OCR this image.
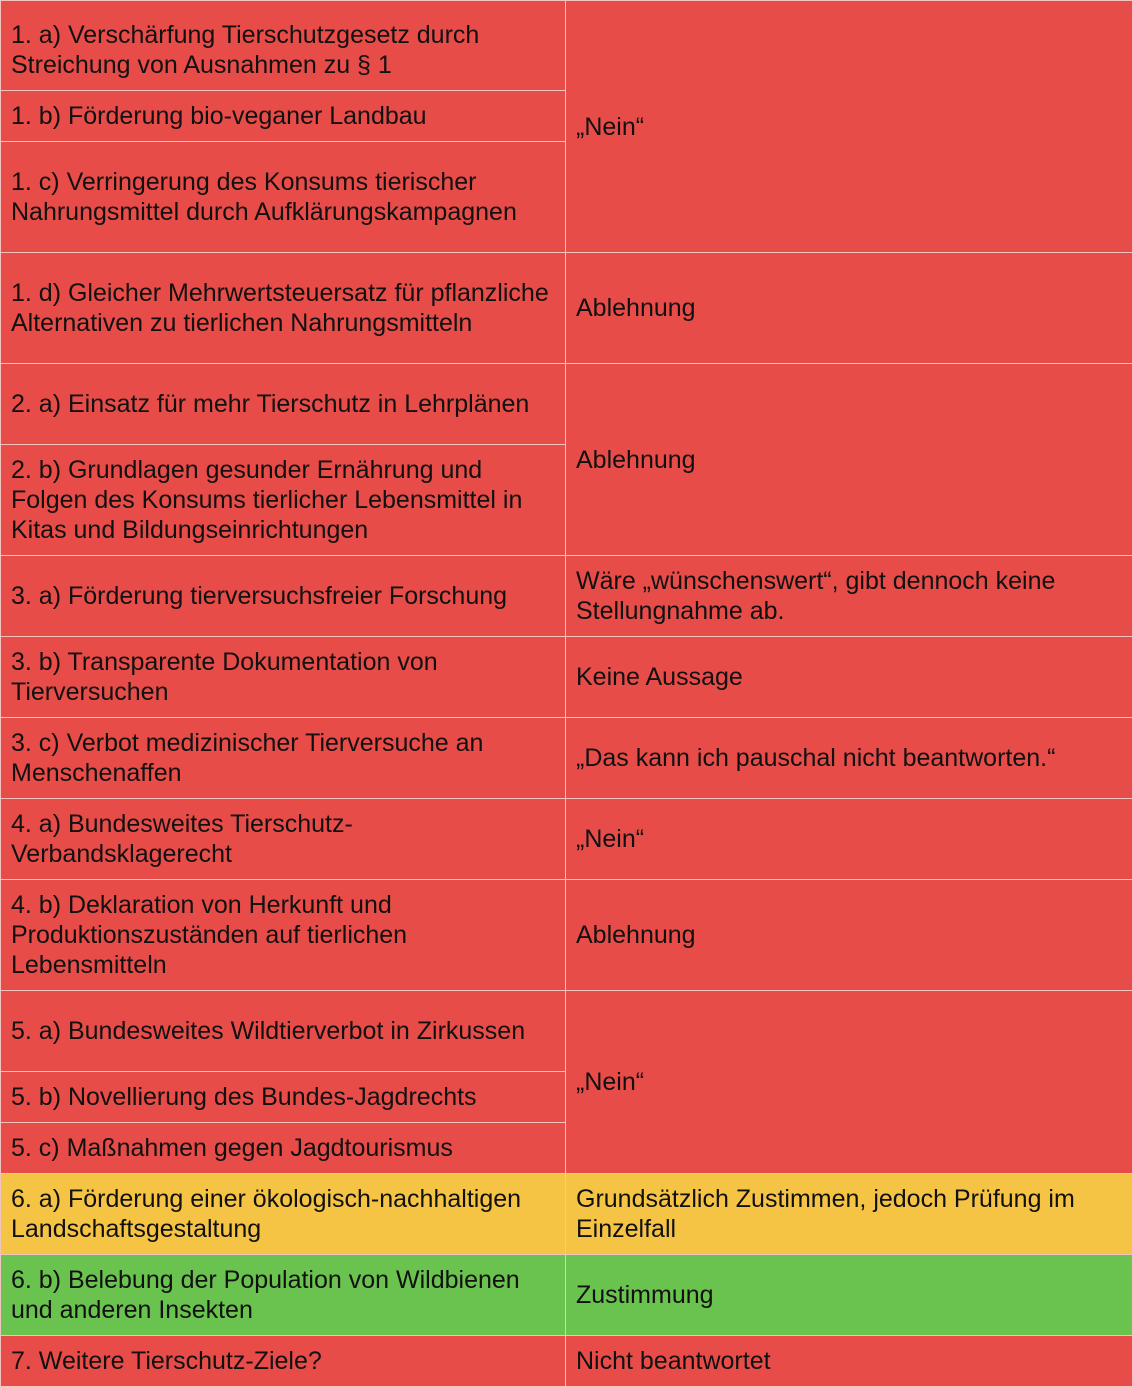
1. a) Verschärfung Tierschutzgesetz durch Streichung von Ausnahmen zu § 1	„Nein“
1. b) Förderung bio-veganer Landbau	
1. c) Verringerung des Konsums tierischer Nahrungsmittel durch Aufklärungskampagnen	
1. d) Gleicher Mehrwertsteuersatz für pflanzliche Alternativen zu tierlichen Nahrungsmitteln	Ablehnung
2. a) Einsatz für mehr Tierschutz in Lehrplänen	Ablehnung
2. b) Grundlagen gesunder Ernährung und Folgen des Konsums tierlicher Lebensmittel in Kitas und Bildungseinrichtungen	
3. a) Förderung tierversuchsfreier Forschung	Wäre „wünschenswert“, gibt dennoch keine Stellungnahme ab.
3. b) Transparente Dokumentation von Tierversuchen	Keine Aussage
3. c) Verbot medizinischer Tierversuche an Menschenaffen	„Das kann ich pauschal nicht beantworten.“
4. a) Bundesweites Tierschutz-Verbandsklagerecht	„Nein“
4. b) Deklaration von Herkunft und Produktionszuständen auf tierlichen Lebensmitteln	Ablehnung
5. a) Bundesweites Wildtierverbot in Zirkussen	„Nein“
5. b) Novellierung des Bundes-Jagdrechts	
5. c) Maßnahmen gegen Jagdtourismus	
6. a) Förderung einer ökologisch-nachhaltigen Landschaftsgestaltung	Grundsätzlich Zustimmen, jedoch Prüfung im Einzelfall
6. b) Belebung der Population von Wildbienen und anderen Insekten	Zustimmung
7. Weitere Tierschutz-Ziele?	Nicht beantwortet
